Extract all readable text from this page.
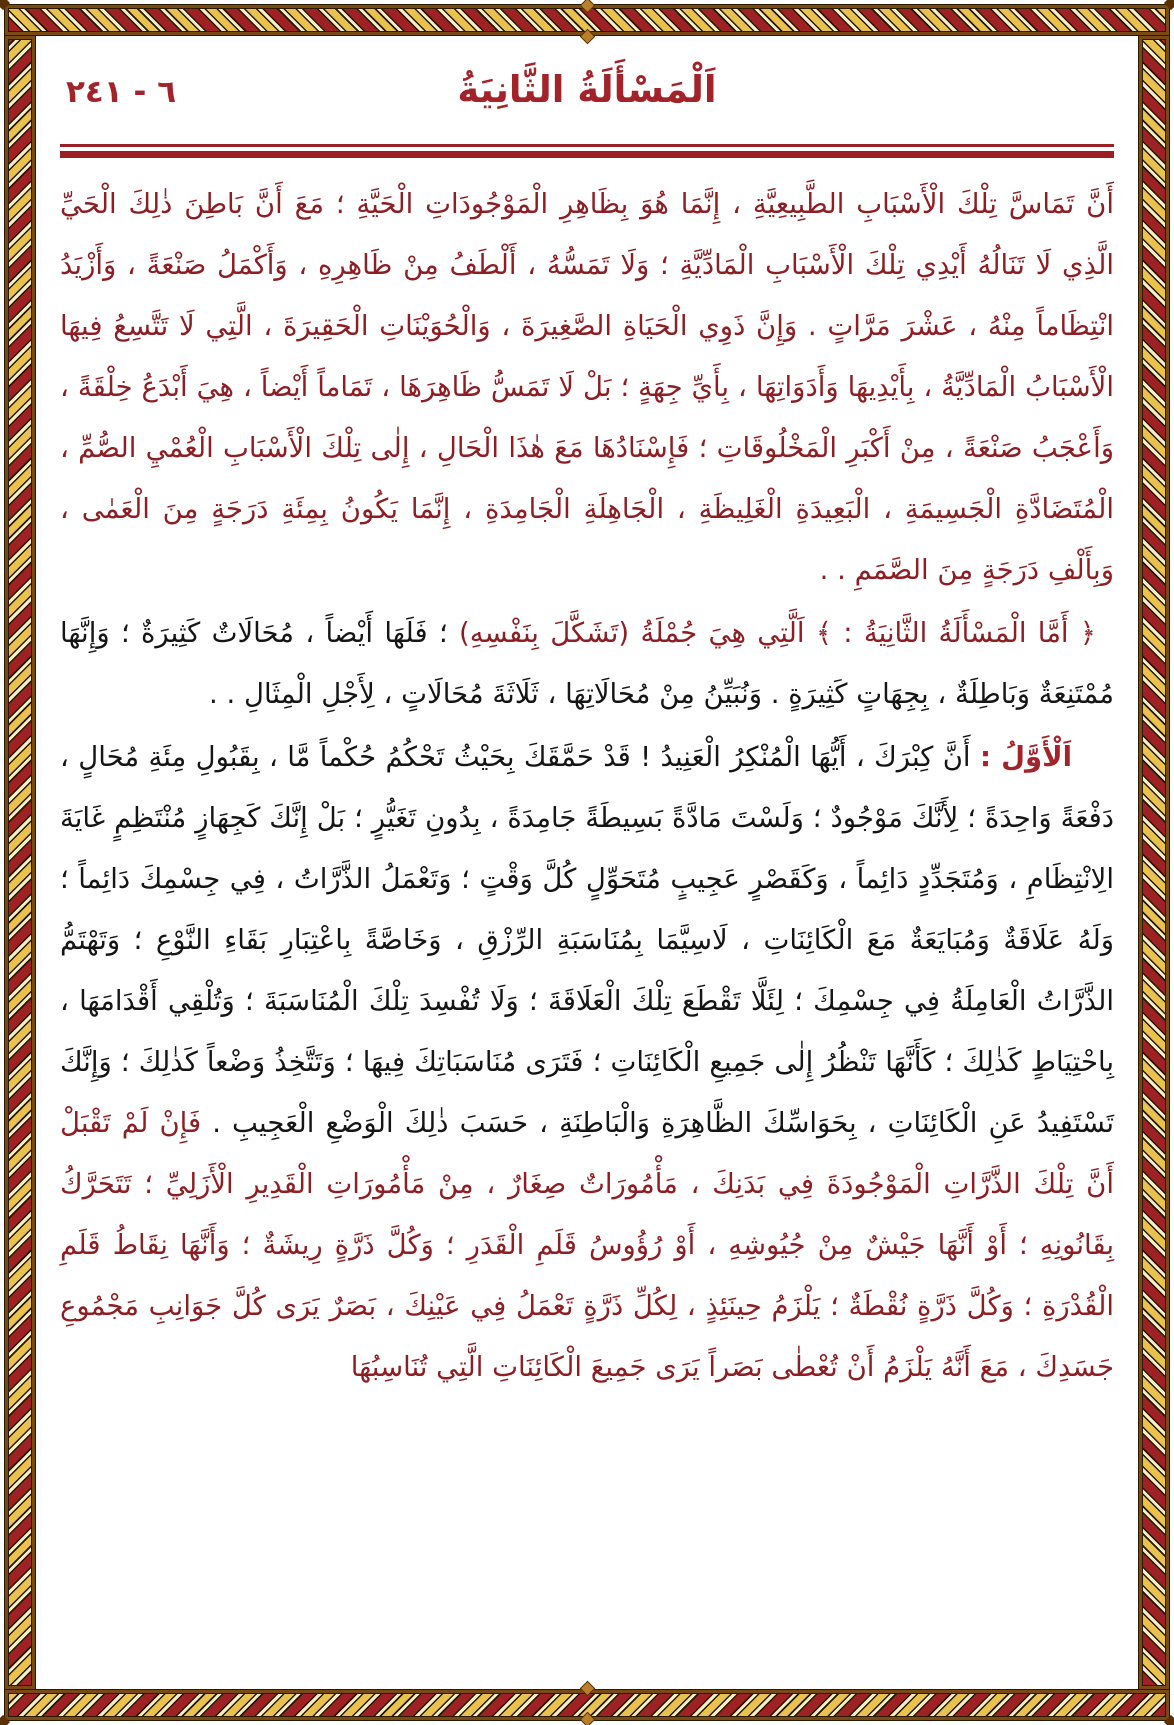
٦ - ٢٤١	اَلْمَسْأَلَةُ الثَّانِيَةُ

أَنَّ تَمَاسَّ تِلْكَ الْأَسْبَابِ الطَّبِيعِيَّةِ ، إِنَّمَا هُوَ بِظَاهِرِ الْمَوْجُودَاتِ الْحَيَّةِ ؛ مَعَ أَنَّ بَاطِنَ ذٰلِكَ الْحَيِّ الَّذِي لَا تَنَالُهُ أَيْدِي تِلْكَ الْأَسْبَابِ الْمَادِّيَّةِ ؛ وَلَا تَمَسُّهُ ، أَلْطَفُ مِنْ ظَاهِرِهِ ، وَأَكْمَلُ صَنْعَةً ، وَأَزْيَدُ انْتِظَاماً مِنْهُ ، عَشْرَ مَرَّاتٍ . وَإِنَّ ذَوِي الْحَيَاةِ الصَّغِيرَةَ ، وَالْحُوَيْنَاتِ الْحَقِيرَةَ ، الَّتِي لَا تَتَّسِعُ فِيهَا الْأَسْبَابُ الْمَادِّيَّةُ ، بِأَيْدِيهَا وَأَدَوَاتِهَا ، بِأَيِّ جِهَةٍ ؛ بَلْ لَا تَمَسُّ ظَاهِرَهَا ، تَمَاماً أَيْضاً ، هِيَ أَبْدَعُ خِلْقَةً ، وَأَعْجَبُ صَنْعَةً ، مِنْ أَكْبَرِ الْمَخْلُوقَاتِ ؛ فَإِسْنَادُهَا مَعَ هٰذَا الْحَالِ ، إِلٰى تِلْكَ الْأَسْبَابِ الْعُمْيِ الصُّمِّ ، الْمُتَضَادَّةِ الْجَسِيمَةِ ، الْبَعِيدَةِ الْغَلِيظَةِ ، الْجَاهِلَةِ الْجَامِدَةِ ، إِنَّمَا يَكُونُ بِمِئَةِ دَرَجَةٍ مِنَ الْعَمٰى ، وَبِأَلْفِ دَرَجَةٍ مِنَ الصَّمَمِ . .

﴿ أَمَّا الْمَسْأَلَةُ الثَّانِيَةُ : ﴾ اَلَّتِي هِيَ جُمْلَةُ (تَشَكَّلَ بِنَفْسِهِ) ؛ فَلَهَا أَيْضاً ، مُحَالَاتٌ كَثِيرَةٌ ؛ وَإِنَّهَا مُمْتَنِعَةٌ وَبَاطِلَةٌ ، بِجِهَاتٍ كَثِيرَةٍ . وَنُبَيِّنُ مِنْ مُحَالَاتِهَا ، ثَلَاثَةَ مُحَالَاتٍ ، لِأَجْلِ الْمِثَالِ . .

اَلْأَوَّلُ : أَنَّ كِبْرَكَ ، أَيُّهَا الْمُنْكِرُ الْعَنِيدُ ! قَدْ حَمَّقَكَ بِحَيْثُ تَحْكُمُ حُكْماً مَّا ، بِقَبُولِ مِئَةِ مُحَالٍ ، دَفْعَةً وَاحِدَةً ؛ لِأَنَّكَ مَوْجُودٌ ؛ وَلَسْتَ مَادَّةً بَسِيطَةً جَامِدَةً ، بِدُونِ تَغَيُّرٍ ؛ بَلْ إِنَّكَ كَجِهَازٍ مُنْتَظِمٍ غَايَةَ الِانْتِظَامِ ، وَمُتَجَدِّدٍ دَائِماً ، وَكَقَصْرٍ عَجِيبٍ مُتَحَوِّلٍ كُلَّ وَقْتٍ ؛ وَتَعْمَلُ الذَّرَّاتُ ، فِي جِسْمِكَ دَائِماً ؛ وَلَهُ عَلَاقَةٌ وَمُبَايَعَةٌ مَعَ الْكَائِنَاتِ ، لَاسِيَّمَا بِمُنَاسَبَةِ الرِّزْقِ ، وَخَاصَّةً بِاعْتِبَارِ بَقَاءِ النَّوْعِ ؛ وَتَهْتَمُّ الذَّرَّاتُ الْعَامِلَةُ فِي جِسْمِكَ ؛ لِئَلَّا تَقْطَعَ تِلْكَ الْعَلَاقَةَ ؛ وَلَا تُفْسِدَ تِلْكَ الْمُنَاسَبَةَ ؛ وَتُلْقِي أَقْدَامَهَا ، بِاحْتِيَاطٍ كَذٰلِكَ ؛ كَأَنَّهَا تَنْظُرُ إِلٰى جَمِيعِ الْكَائِنَاتِ ؛ فَتَرَى مُنَاسَبَاتِكَ فِيهَا ؛ وَتَتَّخِذُ وَضْعاً كَذٰلِكَ ؛ وَإِنَّكَ تَسْتَفِيدُ عَنِ الْكَائِنَاتِ ، بِحَوَاسِّكَ الظَّاهِرَةِ وَالْبَاطِنَةِ ، حَسَبَ ذٰلِكَ الْوَضْعِ الْعَجِيبِ . فَإِنْ لَمْ تَقْبَلْ أَنَّ تِلْكَ الذَّرَّاتِ الْمَوْجُودَةَ فِي بَدَنِكَ ، مَأْمُورَاتٌ صِغَارٌ ، مِنْ مَأْمُورَاتِ الْقَدِيرِ الْأَزَلِيِّ ؛ تَتَحَرَّكُ بِقَانُونِهِ ؛ أَوْ أَنَّهَا جَيْشٌ مِنْ جُيُوشِهِ ، أَوْ رُؤُوسُ قَلَمِ الْقَدَرِ ؛ وَكُلَّ ذَرَّةٍ رِيشَةٌ ؛ وَأَنَّهَا نِقَاطُ قَلَمِ الْقُدْرَةِ ؛ وَكُلَّ ذَرَّةٍ نُقْطَةٌ ؛ يَلْزَمُ حِينَئِذٍ ، لِكُلِّ ذَرَّةٍ تَعْمَلُ فِي عَيْنِكَ ، بَصَرٌ يَرَى كُلَّ جَوَانِبِ مَجْمُوعِ جَسَدِكَ ، مَعَ أَنَّهُ يَلْزَمُ أَنْ تُعْطٰى بَصَراً يَرَى جَمِيعَ الْكَائِنَاتِ الَّتِي تُنَاسِبُهَا
